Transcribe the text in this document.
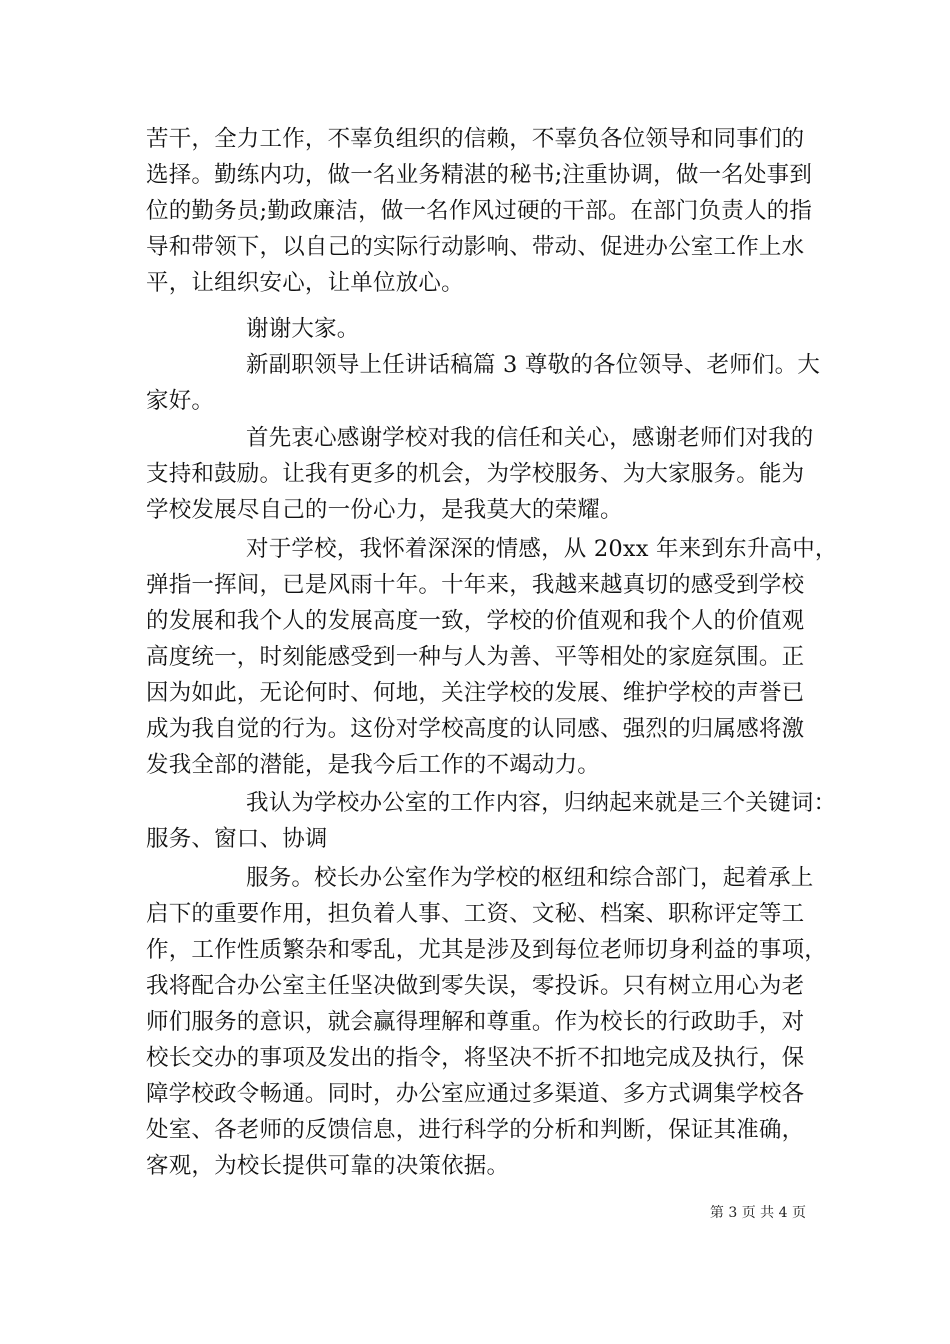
苦干，全力工作，不辜负组织的信赖，不辜负各位领导和同事们的
选择。勤练内功，做一名业务精湛的秘书;注重协调，做一名处事到
位的勤务员;勤政廉洁，做一名作风过硬的干部。在部门负责人的指
导和带领下，以自己的实际行动影响、带动、促进办公室工作上水
平，让组织安心，让单位放心。
谢谢大家。
新副职领导上任讲话稿篇 3 尊敬的各位领导、老师们。大
家好。
首先衷心感谢学校对我的信任和关心，感谢老师们对我的
支持和鼓励。让我有更多的机会，为学校服务、为大家服务。能为
学校发展尽自己的一份心力，是我莫大的荣耀。
对于学校，我怀着深深的情感，从 20xx 年来到东升高中，
弹指一挥间，已是风雨十年。十年来，我越来越真切的感受到学校
的发展和我个人的发展高度一致，学校的价值观和我个人的价值观
高度统一，时刻能感受到一种与人为善、平等相处的家庭氛围。正
因为如此，无论何时、何地，关注学校的发展、维护学校的声誉已
成为我自觉的行为。这份对学校高度的认同感、强烈的归属感将激
发我全部的潜能，是我今后工作的不竭动力。
我认为学校办公室的工作内容，归纳起来就是三个关键词：
服务、窗口、协调
服务。校长办公室作为学校的枢纽和综合部门，起着承上
启下的重要作用，担负着人事、工资、文秘、档案、职称评定等工
作，工作性质繁杂和零乱，尤其是涉及到每位老师切身利益的事项，
我将配合办公室主任坚决做到零失误，零投诉。只有树立用心为老
师们服务的意识，就会赢得理解和尊重。作为校长的行政助手，对
校长交办的事项及发出的指令，将坚决不折不扣地完成及执行，保
障学校政令畅通。同时，办公室应通过多渠道、多方式调集学校各
处室、各老师的反馈信息，进行科学的分析和判断，保证其准确，
客观，为校长提供可靠的决策依据。
第 3 页 共 4 页
